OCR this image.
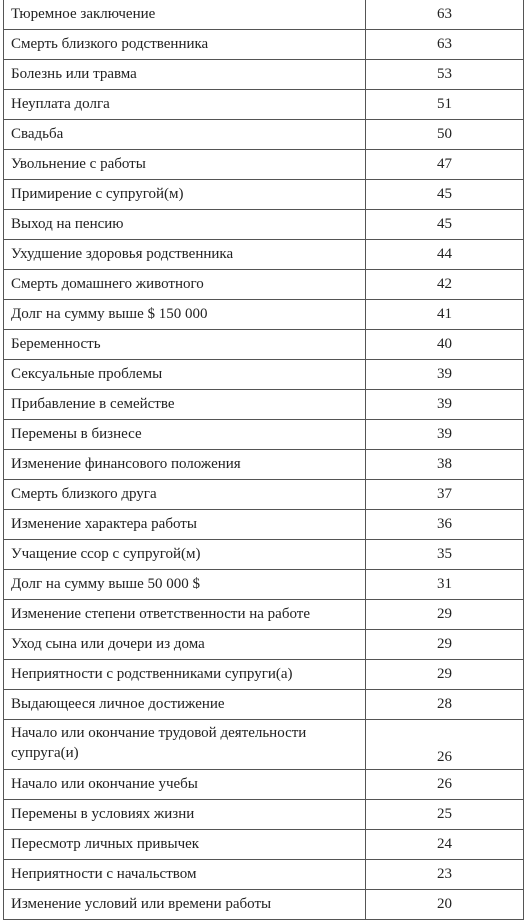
Тюремное заключение	63
Смерть близкого родственника	63
Болезнь или травма	53
Неуплата долга	51
Свадьба	50
Увольнение с работы	47
Примирение с супругой(м)	45
Выход на пенсию	45
Ухудшение здоровья родственника	44
Смерть домашнего животного	42
Долг на сумму выше $ 150 000	41
Беременность	40
Сексуальные проблемы	39
Прибавление в семействе	39
Перемены в бизнесе	39
Изменение финансового положения	38
Смерть близкого друга	37
Изменение характера работы	36
Учащение ссор с супругой(м)	35
Долг на сумму выше 50 000 $	31
Изменение степени ответственности на работе	29
Уход сына или дочери из дома	29
Неприятности с родственниками супруги(а)	29
Выдающееся личное достижение	28
Начало или окончание трудовой деятельности супруга(и)	26
Начало или окончание учебы	26
Перемены в условиях жизни	25
Пересмотр личных привычек	24
Неприятности с начальством	23
Изменение условий или времени работы	20
